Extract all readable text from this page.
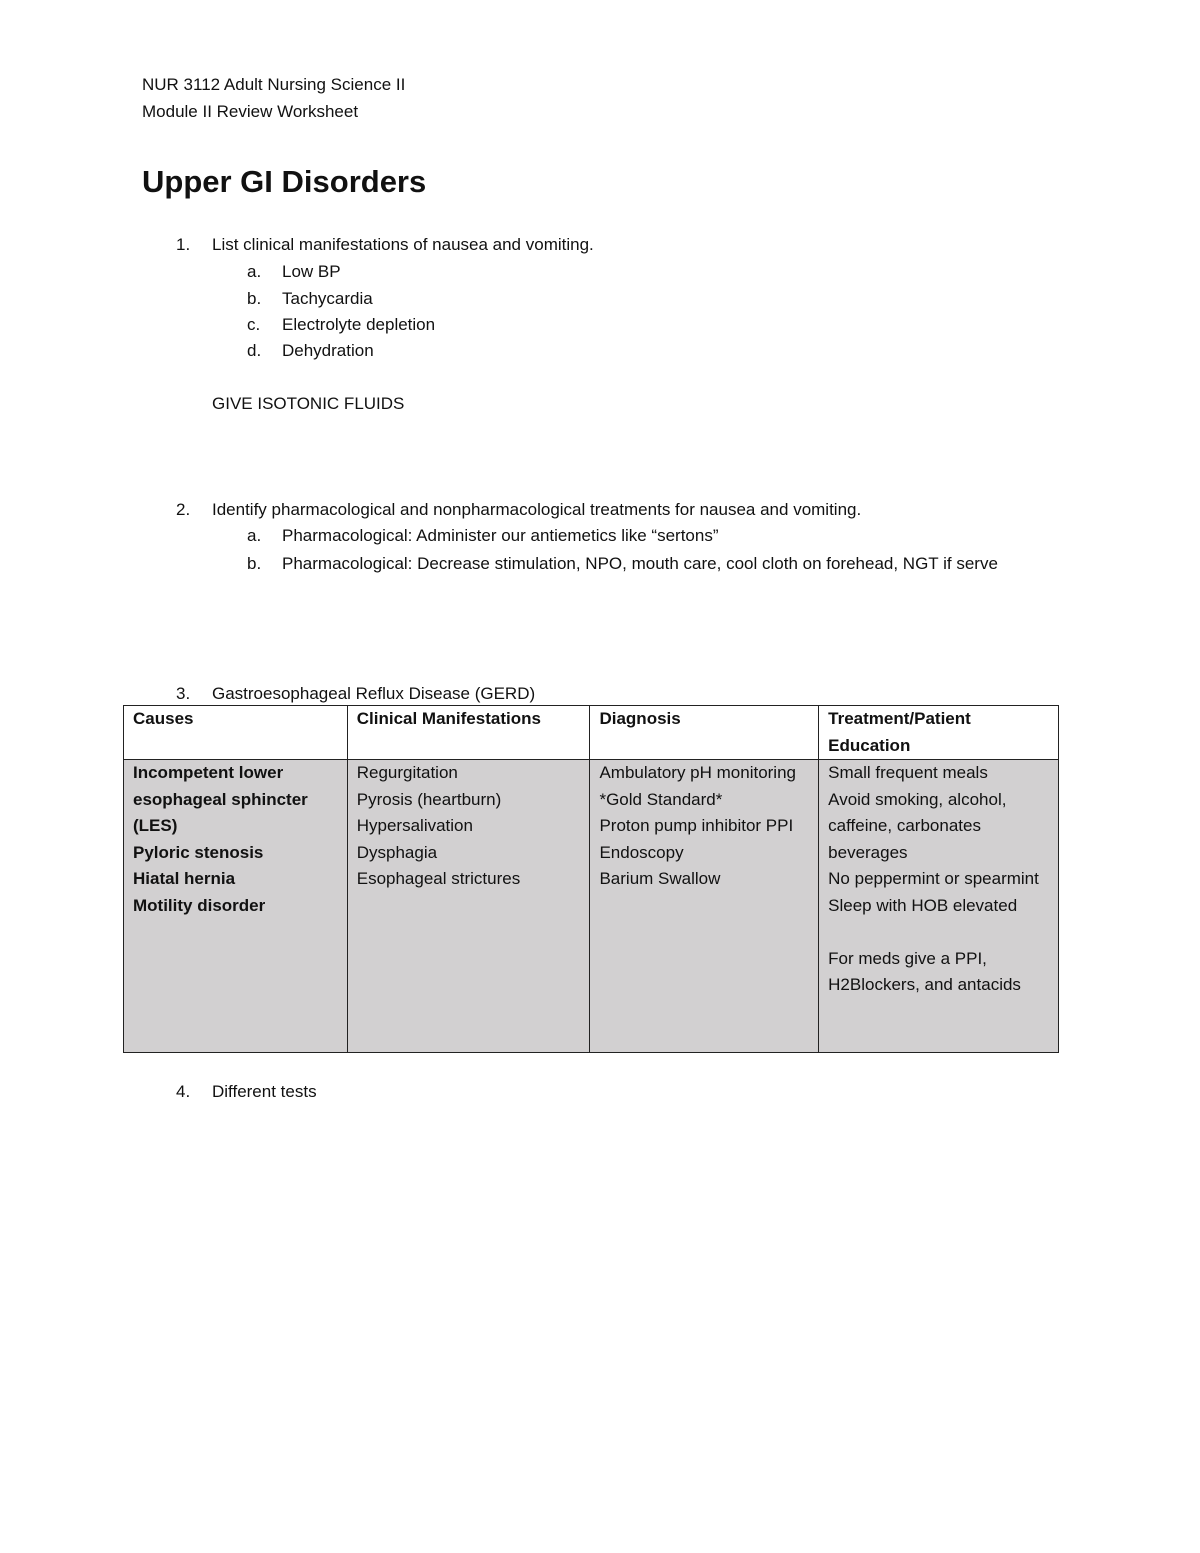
NUR 3112 Adult Nursing Science II
Module II Review Worksheet
Upper GI Disorders
1. List clinical manifestations of nausea and vomiting.
a.	Low BP
b.	Tachycardia
c.	Electrolyte depletion
d.	Dehydration
GIVE ISOTONIC FLUIDS
2. Identify pharmacological and nonpharmacological treatments for nausea and vomiting.
a.	Pharmacological: Administer our antiemetics like “sertons”
b.	Pharmacological: Decrease stimulation, NPO, mouth care, cool cloth on forehead, NGT if serve
3. Gastroesophageal Reflux Disease (GERD)
Causes	Clinical Manifestations	Diagnosis	Treatment/Patient Education

Incompetent lower esophageal sphincter (LES)
Pyloric stenosis
Hiatal hernia
Motility disorder	Regurgitation
Pyrosis (heartburn)
Hypersalivation
Dysphagia
Esophageal strictures	Ambulatory pH monitoring *Gold Standard*
Proton pump inhibitor PPI
Endoscopy
Barium Swallow	Small frequent meals
Avoid smoking, alcohol, caffeine, carbonates beverages
No peppermint or spearmint
Sleep with HOB elevated
For meds give a PPI, H2Blockers, and antacids
4. Different tests
